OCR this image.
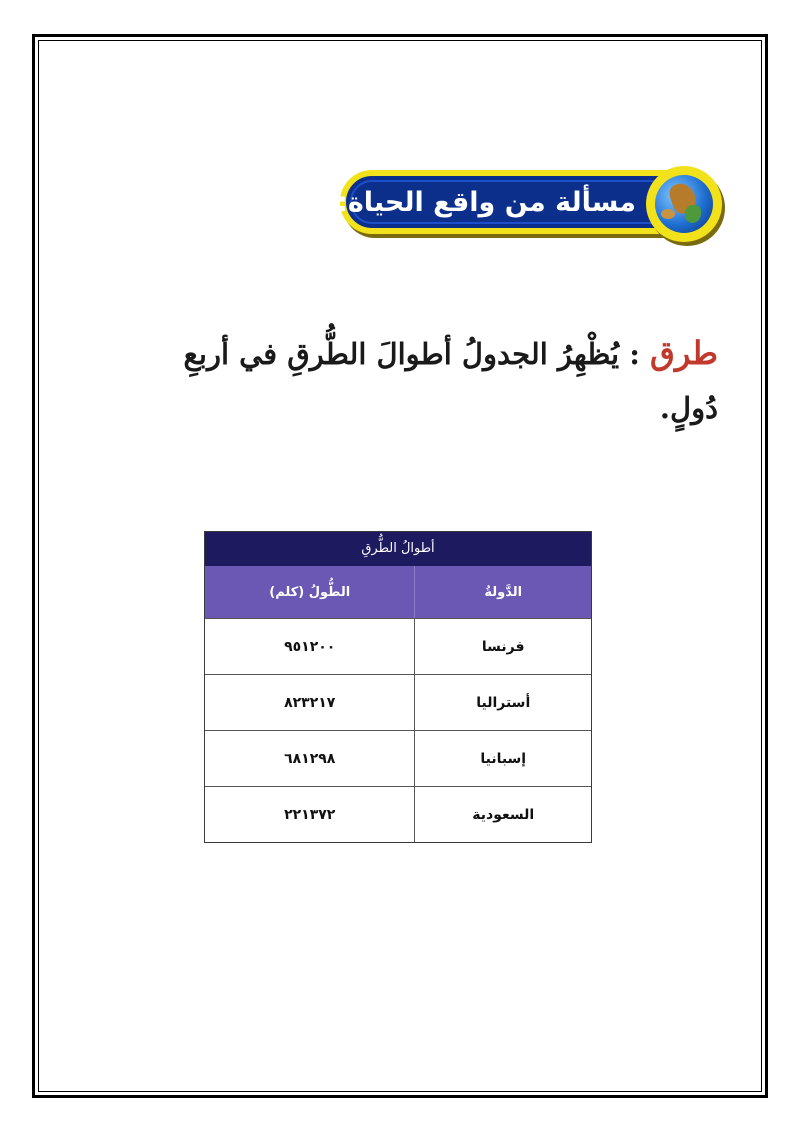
مسألة من واقع الحياة:
طرق : يُظْهِرُ الجدولُ أطوالَ الطُّرقِ في أربعِ دُولٍ.
أطوالُ الطُّرقِ
الدَّولةُ
الطُّولُ (كلم)
فرنسا
٩٥١٢٠٠
أستراليا
٨٢٣٢١٧
إسبانيا
٦٨١٢٩٨
السعودية
٢٢١٣٧٢
